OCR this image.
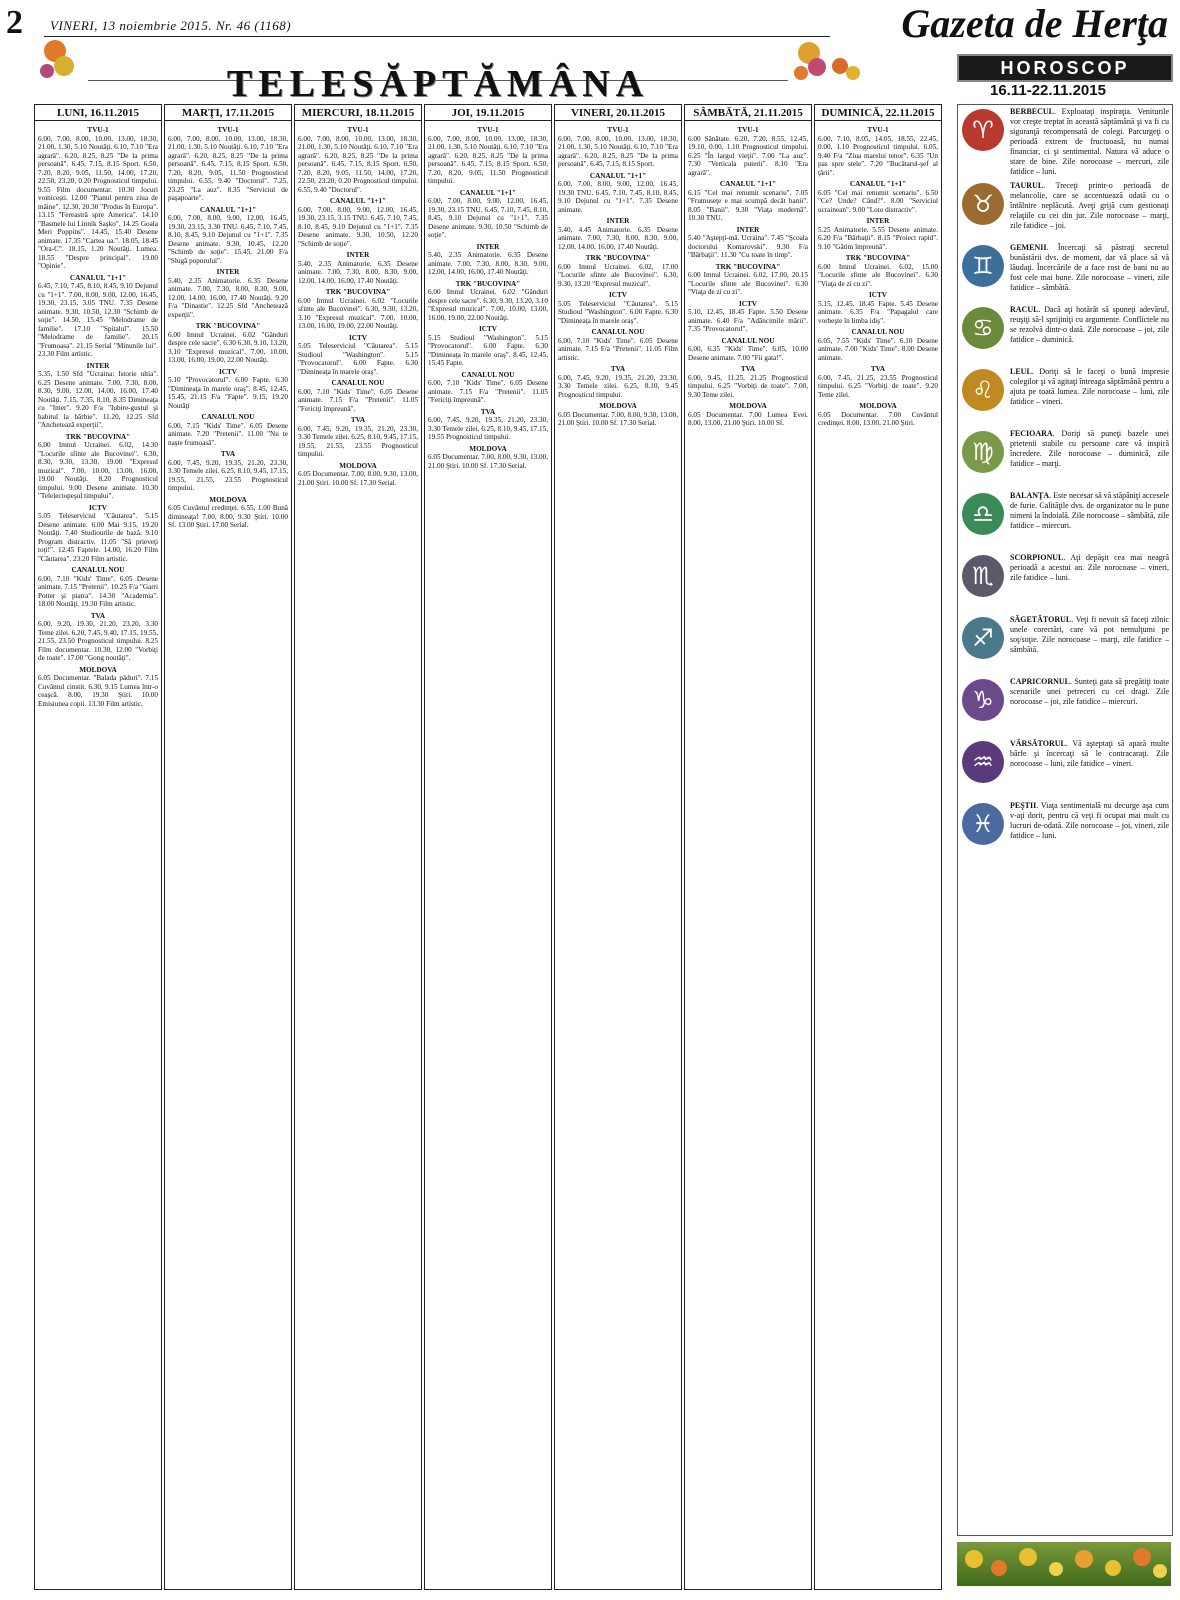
2 VINERI, 13 noiembrie 2015. Nr. 46 (1168)	Gazeta de Herţa
TELESĂPTĂMÂNA	HOROSCOP
16.11-22.11.2015
LUNI, 16.11.2015
TVU-1
6.00, 7.00, 8.00, 10.00, 13.00, 18.30, 21.00, 1.30, 5.10 Noutăţi. 6.10, 7.10 "Era agrară". 6.20, 8.25, 8.25 "De la prima persoană". 6.45, 7.15, 8.15 Sport. 6.50, 7.20, 8.20, 9.05, 11.50, 14.00, 17.20, 22.50, 23.20, 0.20 Prognosticul timpului. 9.55 Film documentar. 10.30 Jocuri voinicești. 12.00 "Pianul pentru ziua de mâine". 12.30, 20.30 "Produs în Europa". 13.15 "Fereastră spre America". 14.10 "Basmele lui Linnik Saşko". 14.25 Goala Meri Poppins". 14.45, 15.40 Desene animate. 17.35 "Cartea ua.". 18.05, 18.45 "Ora-C". 18.15, 1.20 Noutăţi. Lumea. 18.55 "Despre principal". 19.00 "Opinie".
CANALUL "1+1"
6.45, 7.10, 7.45, 8.10, 8.45, 9.10 Dejunul cu "1+1". 7.00, 8.00, 9.00, 12.00, 16.45, 19.30, 23.15, 3.05 TNU. 7.35 Desene animate. 9.30, 10.50, 12.30 "Schimb de soţie". 14.50, 15.45 "Melodrame de familie". 17.10 "Spitalul". 15.50 "Melodrame de familie". 20.15 "Frumoasa". 21.15 Serial "Minunile lui". 23.30 Film artistic.
INTER
5.35, 1.50 Sfd "Ucraina: Istorie ultia". 6.25 Desene animate. 7.00, 7.30, 8.00, 8.30, 9.00, 12.00, 14.00, 16.00, 17.40 Noutăţi. 7.15, 7.35, 8.10, 8.35 Dimineaţa cu "Inter". 9.20 F/a "Iubire-gustul şi habitul la bărbie". 11.20, 12.25 Sfd "Anchetează experţii".
TRK "BUCOVINA"
6.00 Imnul Ucrainei. 6.02, 14.30 "Locurile sfinte ale Bucovinei". 6.30, 8.30, 9.30, 13.30, 19.00 "Expresul muzical". 7.00, 10.00, 13.00, 16.00, 19.00 Noutăţi. 8.20 Prognosticul timpului. 9.00 Desene animate. 10.30 "Telelectopeşul timpului".
ICTV
5.05 Teleserviciul "Căutarea". 5.15 Desene animate. 6.00 Mai 9.15, 19.20 Noutăţi. 7.40 Studiourile de bază. 9.10 Program distractiv. 11.05 "Să prieveţi toţi!". 12.45 Faptele. 14.00, 16.20 Film "Căutarea". 23.20 Film artistic.
CANALUL NOU
6.00, 7.10 "Kids' Time". 6.05 Desene animate. 7.15 "Pretenii". 10.25 F/a "Garri Potter şi piatra". 14.30 "Academia". 18.00 Noutăţi. 19.30 Film artistic.
TVA
6.00, 9.20, 19.30, 21.20, 23.20, 3.30 Teme zilei. 6.20, 7.45, 9.40, 17.15, 19.55, 21.55, 23.50 Prognosticul timpului. 8.25 Film documentar. 10.30, 12.00 "Vorbiţi de toate". 17.00 "Gong noutăţi".
MOLDOVA
6.05 Documentar. "Balada păduri". 7.15 Cuvântul cinstit. 6.30, 9.15 Lumea într-o ceaşcă. 8.00, 19.30 Ştiri. 10.00 Emisiunea copii. 13.30 Film artistic.
MARŢI, 17.11.2015
TVU-1
6.00, 7.00, 8.00, 10.00, 13.00, 18.30, 21.00, 1.30, 5.10 Noutăţi. 6.10, 7.10 "Era agrară". 6.20, 8.25, 8.25 "De la prima persoană". 6.45, 7.15, 8.15 Sport. 6.50, 7.20, 8.20, 9.05, 11.50 Prognosticul timpului. 6.55, 9.40 "Doctorul". 7.25, 23.25 "La auz". 8.35 "Serviciul de paşapoarte".
CANALUL "1+1"
6.00, 7.00, 8.00, 9.00, 12.00, 16.45, 19.30, 23.15, 3.30 TNU. 6.45, 7.10, 7.45, 8.10, 8.45, 9.10 Dejunul cu "1+1". 7.35 Desene animate. 9.30, 10.45, 12.20 "Schimb de soţie". 15.45, 21.00 F/a "Slugă poporului".
INTER
5.40, 2.35 Animatorie. 6.35 Desene animate. 7.00, 7.30, 8.00, 8.30, 9.00, 12.00, 14.00, 16.00, 17.40 Noutăţi. 9.20 F/a "Dinastie". 12.25 Sfd "Anchetează experţii".
TRK "BUCOVINA"
6.00 Imnul Ucrainei. 6.02 "Gânduri despre cele sacre". 6.30 6.30, 9.10, 13.20, 3.10 "Expresul muzical". 7.00, 10.00, 13.00, 16.00, 19.00, 22.00 Noutăţi.
ICTV
5.10 "Provocatorul". 6.00 Fapte. 6.30 "Dimineaţa în marele oraş". 8.45, 12.45, 15.45, 21.15 F/a "Fapte". 9.15, 19.20 Noutăţi
CANALUL NOU
6.00, 7.15 "Kids' Time". 6.05 Desene animate. 7.20 "Pretenii". 11.00 "Nu te naşte frumoasă".
TVA
6.00, 7.45, 9.20, 19.35, 21.20, 23.30, 3.30 Temele zilei. 6.25, 8.10, 9.45, 17.15, 19.55, 21.55, 23.55 Prognosticul timpului.
MOLDOVA
6.05 Cuvântul credinţei. 6.55, 1.00 Bună dimineaţa! 7.00, 8.00, 9.30 Ştiri. 10.00 Sf. 13.00 Ştiri. 17.00 Serial.
MIERCURI, 18.11.2015
TVU-1
6.00, 7.00, 8.00, 10.00, 13.00, 18.30, 21.00, 1.30, 5.10 Noutăţi. 6.10, 7.10 "Era agrară". 6.20, 8.25, 8.25 "De la prima persoană". 6.45, 7.15, 8.15 Sport. 6.50, 7.20, 8.20, 9.05, 11.50, 14.00, 17.20, 22.50, 23.20, 0.20 Prognosticul timpului. 6.55, 9.40 "Doctorul".
CANALUL "1+1"
6.00, 7.00, 8.00, 9.00, 12.00, 16.45, 19.30, 23.15, 3.15 TNU. 6.45, 7.10, 7.45, 8.10, 8.45, 9.10 Dejunul cu "1+1". 7.35 Desene animate. 9.30, 10.50, 12.20 "Schimb de soţie".
INTER
5.40, 2.35 Animatorie. 6.35 Desene animate. 7.00, 7.30, 8.00, 8.30, 9.00, 12.00, 14.00, 16.00, 17.40 Noutăţi.
TRK "BUCOVINA"
6.00 Imnul Ucrainei. 6.02 "Locurile sfinte ale Bucovinei". 6.30, 9.30, 13.20, 3.10 "Expresul muzical". 7.00, 10.00, 13.00, 16.00, 19.00, 22.00 Noutăţi.
ICTV
5.05 Teleserviciul "Căutarea". 5.15 Studioul "Washington". 5.15 "Provocatorul". 6.00 Fapte. 6.30 "Dimineaţa în marele oraş".
CANALUL NOU
6.00, 7.10 "Kids' Time". 6.05 Desene animate. 7.15 F/a "Pretenii". 11.05 "Fericiţi împreună".
TVA
6.00, 7.45, 9.20, 19.35, 21.20, 23.30, 3.30 Temele zilei. 6.25, 8.10, 9.45, 17.15, 19.55, 21.55, 23.55 Prognosticul timpului.
MOLDOVA
6.05 Documentar. 7.00, 8.00, 9.30, 13.00, 21.00 Ştiri. 10.00 Sf. 17.30 Serial.
JOI, 19.11.2015
TVU-1
6.00, 7.00, 8.00, 10.00, 13.00, 18.30, 21.00, 1.30, 5.10 Noutăţi. 6.10, 7.10 "Era agrară". 6.20, 8.25, 8.25 "De la prima persoană". 6.45, 7.15, 8.15 Sport. 6.50, 7.20, 8.20, 9.05, 11.50 Prognosticul timpului.
CANALUL "1+1"
6.00, 7.00, 8.00, 9.00, 12.00, 16.45, 19.30, 23.15 TNU. 6.45, 7.10, 7.45, 8.10, 8.45, 9.10 Dejunul cu "1+1". 7.35 Desene animate. 9.30, 10.50 "Schimb de soţie".
INTER
5.40, 2.35 Animatorie. 6.35 Desene animate. 7.00, 7.30, 8.00, 8.30, 9.00, 12.00, 14.00, 16.00, 17.40 Noutăţi.
TRK "BUCOVINA"
6.00 Imnul Ucrainei. 6.02 "Gânduri despre cele sacre". 6.30, 9.30, 13.20, 3.10 "Expresul muzical". 7.00, 10.00, 13.00, 16.00, 19.00, 22.00 Noutăţi.
ICTV
5.15 Studioul "Washington". 5.15 "Provocatorul". 6.00 Fapte. 6.30 "Dimineaţa în marele oraş". 8.45, 12.45, 15.45 Fapte.
CANALUL NOU
6.00, 7.10 "Kids' Time". 6.05 Desene animate. 7.15 F/a "Pretenii". 11.05 "Fericiţi împreună".
TVA
6.00, 7.45, 9.20, 19.35, 21.20, 23.30, 3.30 Temele zilei. 6.25, 8.10, 9.45, 17.15, 19.55 Prognosticul timpului.
MOLDOVA
6.05 Documentar. 7.00, 8.00, 9.30, 13.00, 21.00 Ştiri. 10.00 Sf. 17.30 Serial.
VINERI, 20.11.2015
TVU-1
6.00, 7.00, 8.00, 10.00, 13.00, 18.30, 21.00, 1.30, 5.10 Noutăţi. 6.10, 7.10 "Era agrară". 6.20, 8.25, 8.25 "De la prima persoană". 6.45, 7.15, 8.15 Sport.
CANALUL "1+1"
6.00, 7.00, 8.00, 9.00, 12.00, 16.45, 19.30 TNU. 6.45, 7.10, 7.45, 8.10, 8.45, 9.10 Dejunul cu "1+1". 7.35 Desene animate.
INTER
5.40, 4.45 Animatorie. 6.35 Desene animate. 7.00, 7.30, 8.00, 8.30, 9.00, 12.00, 14.00, 16.00, 17.40 Noutăţi.
TRK "BUCOVINA"
6.00 Imnul Ucrainei. 6.02, 17.00 "Locurile sfinte ale Bucovinei". 6.30, 9.30, 13.20 "Expresul muzical".
ICTV
5.05 Teleserviciul "Căutarea". 5.15 Studioul "Washington". 6.00 Fapte. 6.30 "Dimineaţa în marele oraş".
CANALUL NOU
6.00, 7.10 "Kids' Time". 6.05 Desene animate. 7.15 F/a "Pretenii". 11.05 Film artistic.
TVA
6.00, 7.45, 9.20, 19.35, 21.20, 23.30, 3.30 Temele zilei. 6.25, 8.10, 9.45 Prognosticul timpului.
MOLDOVA
6.05 Documentar. 7.00, 8.00, 9.30, 13.00, 21.00 Ştiri. 10.00 Sf. 17.30 Serial.
SÂMBĂTĂ, 21.11.2015
TVU-1
6.00 Sănătate. 6.20, 7.20, 8.55, 12.45, 19.10, 0.00, 1.10 Prognosticul timpului. 6.25 "În largul vieţii". 7.00 "La auz". 7.30 "Verticala puterii". 8.10 "Era agrară".
CANALUL "1+1"
6.15 "Cel mai renumit scenariu". 7.05 "Frumuseţe e mai scumpă decât banii". 8.05 "Banii". 9.30 "Viaţa modernă". 10.30 TNU.
INTER
5.40 "Aştepţi-mă. Ucraina". 7.45 "Şcoala doctorului Komarovski". 9.30 F/a "Bărbaţii". 11.30 "Cu toate în timp".
TRK "BUCOVINA"
6.00 Imnul Ucrainei. 6.02, 17.00, 20.15 "Locurile sfinte ale Bucovinei". 6.30 "Viaţa de zi cu zi".
ICTV
5.10, 12.45, 18.45 Fapte. 5.50 Desene animate. 6.40 F/a "Adăncimile mării". 7.35 "Provocatorul".
CANALUL NOU
6.00, 6.35 "Kids' Time". 6.05, 10.00 Desene animate. 7.00 "Fii gata!".
TVA
6.00, 9.45, 11.25, 21.25 Prognosticul timpului. 6.25 "Vorbiţi de toate". 7.00, 9.30 Teme zilei.
MOLDOVA
6.05 Documentar. 7.00 Lumea Evei. 8.00, 13.00, 21.00 Ştiri. 10.00 Sf.
DUMINICĂ, 22.11.2015
TVU-1
6.00, 7.10, 8.05, 14.05, 18.55, 22.45, 0.00, 1.10 Prognosticul timpului. 6.05, 9.40 F/a "Ziua marelui tenor". 6.35 "Un pas spre stele". 7.20 "Bucătarul-şef al ţării".
CANALUL "1+1"
6.05 "Cel mai renumit scenariu". 6.50 "Ce? Unde? Când?". 8.00 "Serviciul ucrainean". 9.00 "Loto distractiv".
INTER
5.25 Animatorie. 5.55 Desene animate. 6.20 F/a "Bărbaţii". 8.15 "Proiect rapid". 9.10 "Gătim împreună".
TRK "BUCOVINA"
6.00 Imnul Ucrainei. 6.02, 15.00 "Locurile sfinte ale Bucovinei". 6.30 "Viaţa de zi cu zi".
ICTV
5.15, 12.45, 18.45 Fapte. 5.45 Desene animate. 6.35 F/a "Papagalul care vorbeşte în limba idiş".
CANALUL NOU
6.05, 7.55 "Kids' Time". 6.10 Desene animate. 7.00 "Kids' Time". 8.00 Desene animate.
TVA
6.00, 7.45, 21.25, 23.55 Prognosticul timpului. 6.25 "Vorbiţi de toate". 9.20 Teme zilei.
MOLDOVA
6.05 Documentar. 7.00 Cuvântul credinţei. 8.00, 13.00, 21.00 Ştiri.
♈
BERBECUL. Exploataţi inspiraţia. Veniturile vor creşte treptat în această săptămână şi va fi cu siguranţă recompensată de colegi. Parcurgeţi o perioadă extrem de fructuoasă, nu numai financiar, ci şi sentimental. Natura vă aduce o stare de bine. Zile norocoase – mercuri, zile fatidice – luni.
♉
TAURUL. Treceţi printr-o perioadă de melancolie, care se accentuează odată cu o întâlnire neplăcută. Aveţi grijă cum gestionaţi relaţiile cu cei din jur. Zile norocoase – marţi, zile fatidice – joi.
♊
GEMENII. Încercaţi să păstraţi secretul bunăstării dvs. de moment, dar vă place să vă lăudaţi. Încercările de a face rost de bani nu au fost cele mai bune. Zile norocoase – vineri, zile fatidice – sâmbătă.
♋
RACUL. Dacă aţi hotărât să spuneţi adevărul, reuşiţi să-l sprijiniţi cu argumente. Conflictele nu se rezolvă dintr-o dată. Zile norocoase – joi, zile fatidice – duminică.
♌
LEUL. Doriţi să le faceţi o bună impresie colegilor şi vă agitaţi întreaga săptămână pentru a ajuta pe toată lumea. Zile norocoase – luni, zile fatidice – vineri.
♍
FECIOARA. Doriţi să puneţi bazele unei prietenii stabile cu persoane care vă inspiră încredere. Zile norocoase – duminică, zile fatidice – marţi.
♎
BALANŢA. Este necesar să vă stăpâniţi accesele de furie. Calităţile dvs. de organizator nu le pune nimeni la îndoială. Zile norocoase – sâmbătă, zile fatidice – miercuri.
♏
SCORPIONUL. Aţi depăşit cea mai neagră perioadă a acestui an. Zile norocoase – vineri, zile fatidice – luni.
♐
SĂGETĂTORUL. Veţi fi nevoit să faceţi zilnic unele corectări, care vă pot nemulţumi pe soţ/soţie. Zile norocoase – marţi, zile fatidice – sâmbătă.
♑
CAPRICORNUL. Sunteţi gata să pregătiţi toate scenariile unei petreceri cu cei dragi. Zile norocoase – joi, zile fatidice – miercuri.
♒
VĂRSĂTORUL. Vă aşteptaţi să apară multe bârfe şi încercaţi să le contracaraţi. Zile norocoase – luni, zile fatidice – vineri.
♓
PEŞTII. Viaţa sentimentală nu decurge aşa cum v-aţi dorit, pentru că veţi fi ocupat mai mult cu lucruri de-odată. Zile norocoase – joi, vineri, zile fatidice – luni.
